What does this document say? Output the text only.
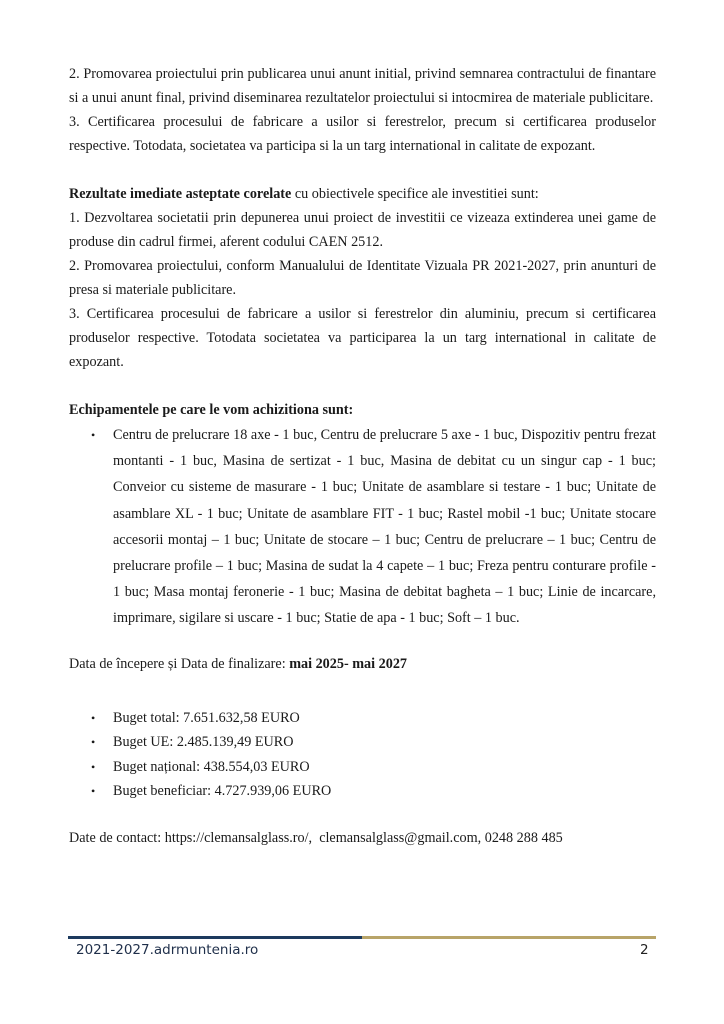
2. Promovarea proiectului prin publicarea unui anunt initial, privind semnarea contractului de finantare si a unui anunt final, privind diseminarea rezultatelor proiectului si intocmirea de materiale publicitare.

3. Certificarea procesului de fabricare a usilor si ferestrelor, precum si certificarea produselor respective. Totodata, societatea va participa si la un targ international in calitate de expozant.

Rezultate imediate asteptate corelate cu obiectivele specifice ale investitiei sunt:

1. Dezvoltarea societatii prin depunerea unui proiect de investitii ce vizeaza extinderea unei game de produse din cadrul firmei, aferent codului CAEN 2512.

2. Promovarea proiectului, conform Manualului de Identitate Vizuala PR 2021-2027, prin anunturi de presa si materiale publicitare.

3. Certificarea procesului de fabricare a usilor si ferestrelor din aluminiu, precum si certificarea produselor respective. Totodata societatea va participarea la un targ international in calitate de expozant.

Echipamentele pe care le vom achizitiona sunt:

• Centru de prelucrare 18 axe - 1 buc, Centru de prelucrare 5 axe - 1 buc, Dispozitiv pentru frezat montanti - 1 buc, Masina de sertizat - 1 buc, Masina de debitat cu un singur cap - 1 buc; Conveior cu sisteme de masurare - 1 buc; Unitate de asamblare si testare - 1 buc; Unitate de asamblare XL - 1 buc; Unitate de asamblare FIT - 1 buc; Rastel mobil -1 buc; Unitate stocare accesorii montaj – 1 buc; Unitate de stocare – 1 buc; Centru de prelucrare – 1 buc; Centru de prelucrare profile – 1 buc; Masina de sudat la 4 capete – 1 buc; Freza pentru conturare profile - 1 buc; Masa montaj feronerie - 1 buc; Masina de debitat bagheta – 1 buc; Linie de incarcare, imprimare, sigilare si uscare - 1 buc; Statie de apa - 1 buc; Soft – 1 buc.

Data de începere și Data de finalizare: mai 2025- mai 2027

• Buget total: 7.651.632,58 EURO
• Buget UE: 2.485.139,49 EURO
• Buget național: 438.554,03 EURO
• Buget beneficiar: 4.727.939,06 EURO

Date de contact: https://clemansalglass.ro/,  clemansalglass@gmail.com, 0248 288 485

2021-2027.adrmuntenia.ro	2
